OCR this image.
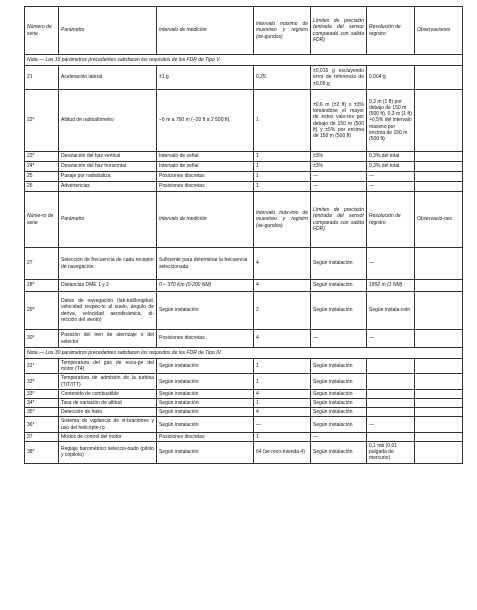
Número de serie	Parámetro	Intervalo de medición	Intervalo máximo de muestreo y registro (se-gundos)	Límites de precisión (entrada del sensor comparada con salida FDR)	Resolución de registro	Observaciones
Nota.— Los 15 parámetros precedentes satisfacen los requisitos de los FDR de Tipo V.						
21	Aceleración lateral	±1 g	0,25	±0,015 g excluyendo error de referencia de ±0,05 g	0,004 g	
22*	Altitud de radioaltímetro	−6 m a 750 m (−20 ft a 2 500 ft)	1	±0,6 m (±2 ft) o ±3% tomándose el mayor de estos valo-res por debajo de 150 m (500 ft) y ±5% por encima de 150 m (500 ft)	0,3 m (1 ft) por debajo de 150 m (500 ft), 0,3 m (1 ft) +0,5% del intervalo máximo por encima de 150 m (500 ft)	
23*	Desviación del haz vertical	Intervalo de señal	1	±3%	0,3% del total	
24*	Desviación del haz horizontal	Intervalo de señal	1	±3%	0,3% del total	
25	Pasaje por radiobaliza	Posiciones discretas	1	—	—	
26	Advertencias	Posiciones discretas	1	—	—	
Núme-ro de serie	Parámetro	Intervalo de medición	Intervalo máx-imo de muestreo y registro (se-gundos)	Límites de precisión (entrada del sensor comparada con salida FDR)	Resolución de registro	Observacio-nes
27	Selección de frecuencia de cada receptor de navegación	Suficiente para determinar la frecuencia seleccionada	4	Según instalación	—	
28*	Distancias DME 1 y 2	0 – 370 Km (0-200 NM)	4	Según instalación	1852 m (1 NM)	
29*	Datos de navegación (lati-tud/longitud, velocidad respec-to al suelo, ángulo de deriva, velocidad aerodinámica, di-rección del viento)	Según instalación	2	Según instalación	Según instala-ción	
30*	Posición del tren de aterrizaje o del selector	Posiciones discretas	4	—	—	
Nota.— Los 30 parámetros precedentes satisfacen los requisitos de los FDR de Tipo IV.						
31*	Temperatura del gas de esca-pe del motor (T4)	Según instalación	1	Según instalación		
32*	Temperatura de admisión de la turbina (TIT/ITT)	Según instalación	1	Según instalación		
33*	Contenido de combustible	Según instalación	4	Según instalación		
34*	Tasa de variación de altitud	Según instalación	1	Según instalación		
35*	Detección de hielo	Según instalación	4	Según instalación		
36*	Sistema de vigilancia de vi-braciones y uso del helicópte-ro	Según instalación	—	Según instalación	—	
37	Modos de control del motor	Posiciones discretas	1	—		
38*	Reglaje barométrico seleccio-nado (piloto y copiloto)	Según instalación	64 (se reco-mienda 4)	Según instalación	0,1 mb (0,01 pulgada de mercurio)	
